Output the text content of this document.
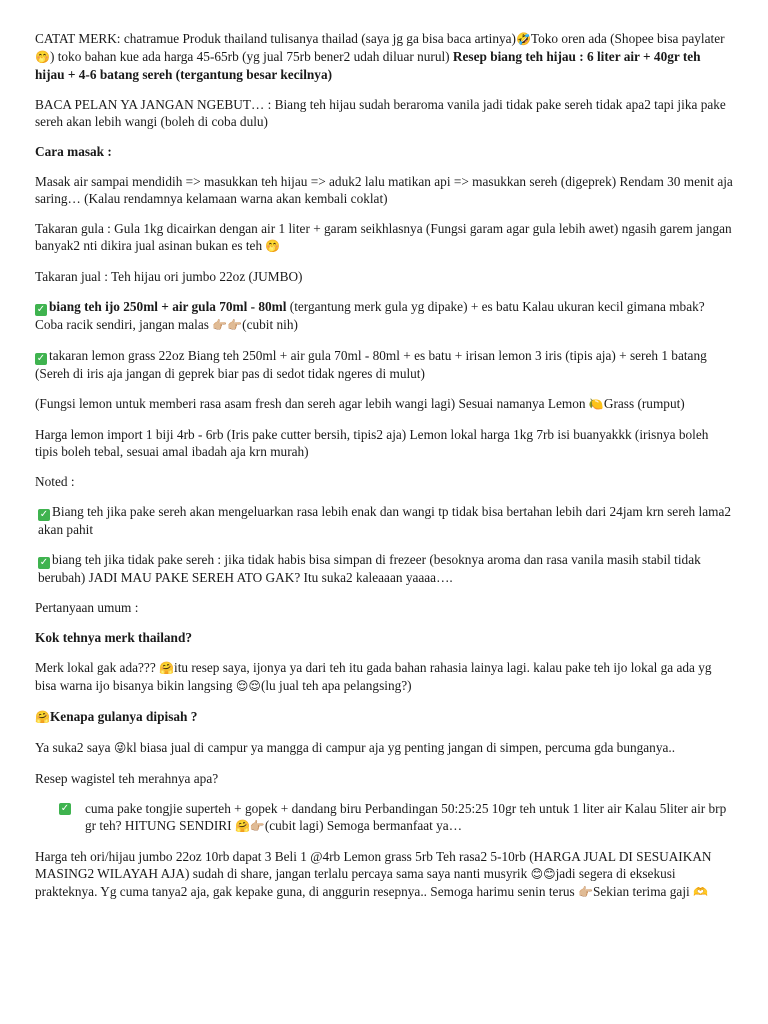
CATAT MERK: chatramue Produk thailand tulisanya thailad (saya jg ga bisa baca artinya)🤣Toko oren ada (Shopee bisa paylater 🤭) toko bahan kue ada harga 45-65rb (yg jual 75rb bener2 udah diluar nurul) Resep biang teh hijau : 6 liter air + 40gr teh hijau + 4-6 batang sereh (tergantung besar kecilnya)

BACA PELAN YA JANGAN NGEBUT… : Biang teh hijau sudah beraroma vanila jadi tidak pake sereh tidak apa2 tapi jika pake sereh akan lebih wangi (boleh di coba dulu)

Cara masak :

Masak air sampai mendidih => masukkan teh hijau => aduk2 lalu matikan api => masukkan sereh (digeprek) Rendam 30 menit aja saring… (Kalau rendamnya kelamaan warna akan kembali coklat)

Takaran gula : Gula 1kg dicairkan dengan air 1 liter + garam seikhlasnya (Fungsi garam agar gula lebih awet) ngasih garem jangan banyak2 nti dikira jual asinan bukan es teh 🤭

Takaran jual : Teh hijau ori jumbo 22oz (JUMBO)

✓ biang teh ijo 250ml + air gula 70ml - 80ml (tergantung merk gula yg dipake) + es batu Kalau ukuran kecil gimana mbak? Coba racik sendiri, jangan malas 👉🏼👉🏼(cubit nih)

✓ takaran lemon grass 22oz Biang teh 250ml + air gula 70ml - 80ml + es batu + irisan lemon 3 iris (tipis aja) + sereh 1 batang (Sereh di iris aja jangan di geprek biar pas di sedot tidak ngeres di mulut)

(Fungsi lemon untuk memberi rasa asam fresh dan sereh agar lebih wangi lagi) Sesuai namanya Lemon 🍋Grass (rumput)

Harga lemon import 1 biji 4rb - 6rb (Iris pake cutter bersih, tipis2 aja) Lemon lokal harga 1kg 7rb isi buanyakkk (irisnya boleh tipis boleh tebal, sesuai amal ibadah aja krn murah)

Noted :

✓ Biang teh jika pake sereh akan mengeluarkan rasa lebih enak dan wangi tp tidak bisa bertahan lebih dari 24jam krn sereh lama2 akan pahit

✓ biang teh jika tidak pake sereh : jika tidak habis bisa simpan di frezeer (besoknya aroma dan rasa vanila masih stabil tidak berubah) JADI MAU PAKE SEREH ATO GAK? Itu suka2 kaleaaan yaaaa….

Pertanyaan umum :

Kok tehnya merk thailand?

Merk lokal gak ada??? 🤗itu resep saya, ijonya ya dari teh itu gada bahan rahasia lainya lagi. kalau pake teh ijo lokal ga ada yg bisa warna ijo bisanya bikin langsing 😌😌(lu jual teh apa pelangsing?)

🤗Kenapa gulanya dipisah ?

Ya suka2 saya 😜kl biasa jual di campur ya mangga di campur aja yg penting jangan di simpen, percuma gda bunganya..

Resep wagistel teh merahnya apa?

✓ cuma pake tongjie superteh + gopek + dandang biru Perbandingan 50:25:25 10gr teh untuk 1 liter air Kalau 5liter air brp gr teh? HITUNG SENDIRI 🤗👉🏼(cubit lagi) Semoga bermanfaat ya…

Harga teh ori/hijau jumbo 22oz 10rb dapat 3 Beli 1 @4rb Lemon grass 5rb Teh rasa2 5-10rb (HARGA JUAL DI SESUAIKAN MASING2 WILAYAH AJA) sudah di share, jangan terlalu percaya sama saya nanti musyrik 😊😊jadi segera di eksekusi prakteknya. Yg cuma tanya2 aja, gak kepake guna, di anggurin resepnya.. Semoga harimu senin terus 👉🏼Sekian terima gaji 🫶
